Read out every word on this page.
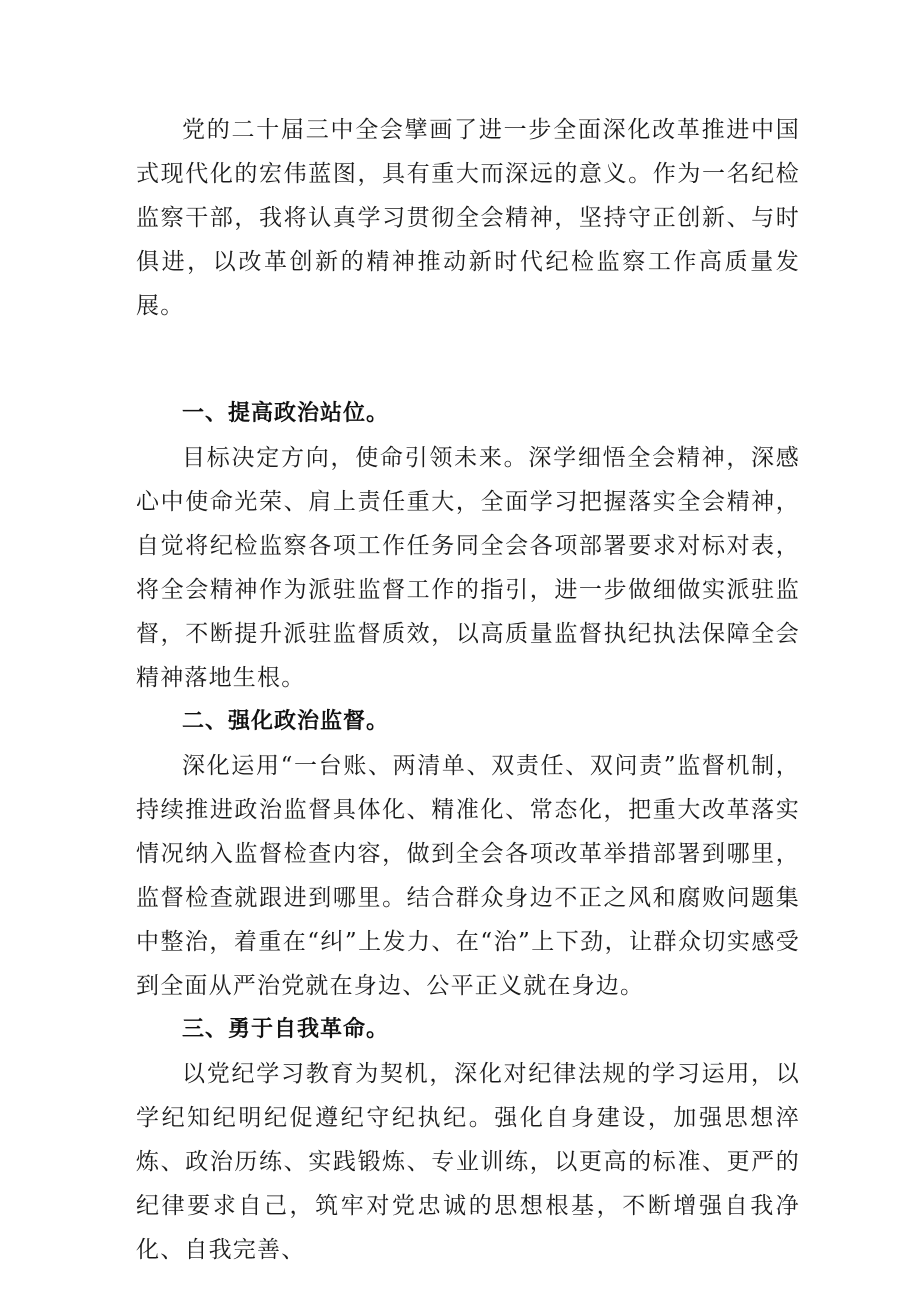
党的二十届三中全会擘画了进一步全面深化改革推进中国式现代化的宏伟蓝图，具有重大而深远的意义。作为一名纪检监察干部，我将认真学习贯彻全会精神，坚持守正创新、与时俱进，以改革创新的精神推动新时代纪检监察工作高质量发展。

一、提高政治站位。

目标决定方向，使命引领未来。深学细悟全会精神，深感心中使命光荣、肩上责任重大，全面学习把握落实全会精神，自觉将纪检监察各项工作任务同全会各项部署要求对标对表，将全会精神作为派驻监督工作的指引，进一步做细做实派驻监督，不断提升派驻监督质效，以高质量监督执纪执法保障全会精神落地生根。

二、强化政治监督。

深化运用“一台账、两清单、双责任、双问责”监督机制，持续推进政治监督具体化、精准化、常态化，把重大改革落实情况纳入监督检查内容，做到全会各项改革举措部署到哪里，监督检查就跟进到哪里。结合群众身边不正之风和腐败问题集中整治，着重在“纠”上发力、在“治”上下劲，让群众切实感受到全面从严治党就在身边、公平正义就在身边。

三、勇于自我革命。

以党纪学习教育为契机，深化对纪律法规的学习运用，以学纪知纪明纪促遵纪守纪执纪。强化自身建设，加强思想淬炼、政治历练、实践锻炼、专业训练，以更高的标准、更严的纪律要求自己，筑牢对党忠诚的思想根基，不断增强自我净化、自我完善、
